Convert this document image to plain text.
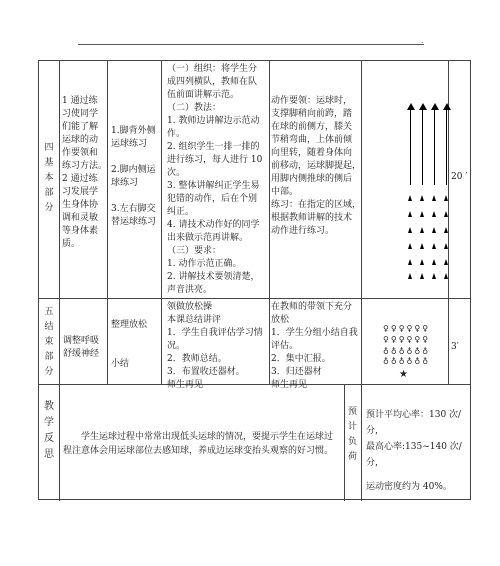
.
四
基
本
部
分
1 通过练
习使同学
们能了解
运球的动
作要领和
练习方法。
2 通过练
习发展学
生身体协
调和灵敏
等身体素
质。
1.脚背外侧
运球练习
2.脚内侧运
球练习
3.左右脚交
替运球练习
（一）组织：将学生分
成四列横队，教师在队
伍前面讲解示范。
（二）教法：
1. 教师边讲解边示范动
作。
2. 组织学生一排一排的
进行练习，每人进行 10
次。
3. 整体讲解纠正学生易
犯错的动作，后在个别
纠正。
4. 请技术动作好的同学
出来做示范再讲解。
（三）要求：
1. 动作示范正确。
2. 讲解技术要领清楚，
声音洪亮。
动作要领：运球时，
支撑脚稍向前跨，踏
在球的前侧方，膝关
节稍弯曲，上体前倾
向里转，随着身体向
前移动，运球脚提起，
用脚内侧推球的侧后
中部。
练习：在指定的区域，
根据教师讲解的技术
动作进行练习。
20 ′
五
结
束
部
分
调整呼吸
舒缓神经
整理放松
小结
领做放松操
本课总结讲评
1．学生自我评估学习情
况。
2．教师总结。
3．布置收还器材。
师生再见
在教师的带领下充分
放松
1．学生分组小结自我
评估。
2．集中汇报。
3．归还器材
师生再见
♀♀♀♀♀♀
♀♀♀♀♀♀
♁♁♁♁♁♁
♁♁♁♁♁♁
★
3′
教
学
反
思
学生运球过程中常常出现低头运球的情况，要提示学生在运球过程注意体会用运球部位去感知球，养成边运球变抬头观察的好习惯。
预
计
负
荷
预计平均心率：130 次/分，
最高心率:135~140 次/分，
运动密度约为 40%。
